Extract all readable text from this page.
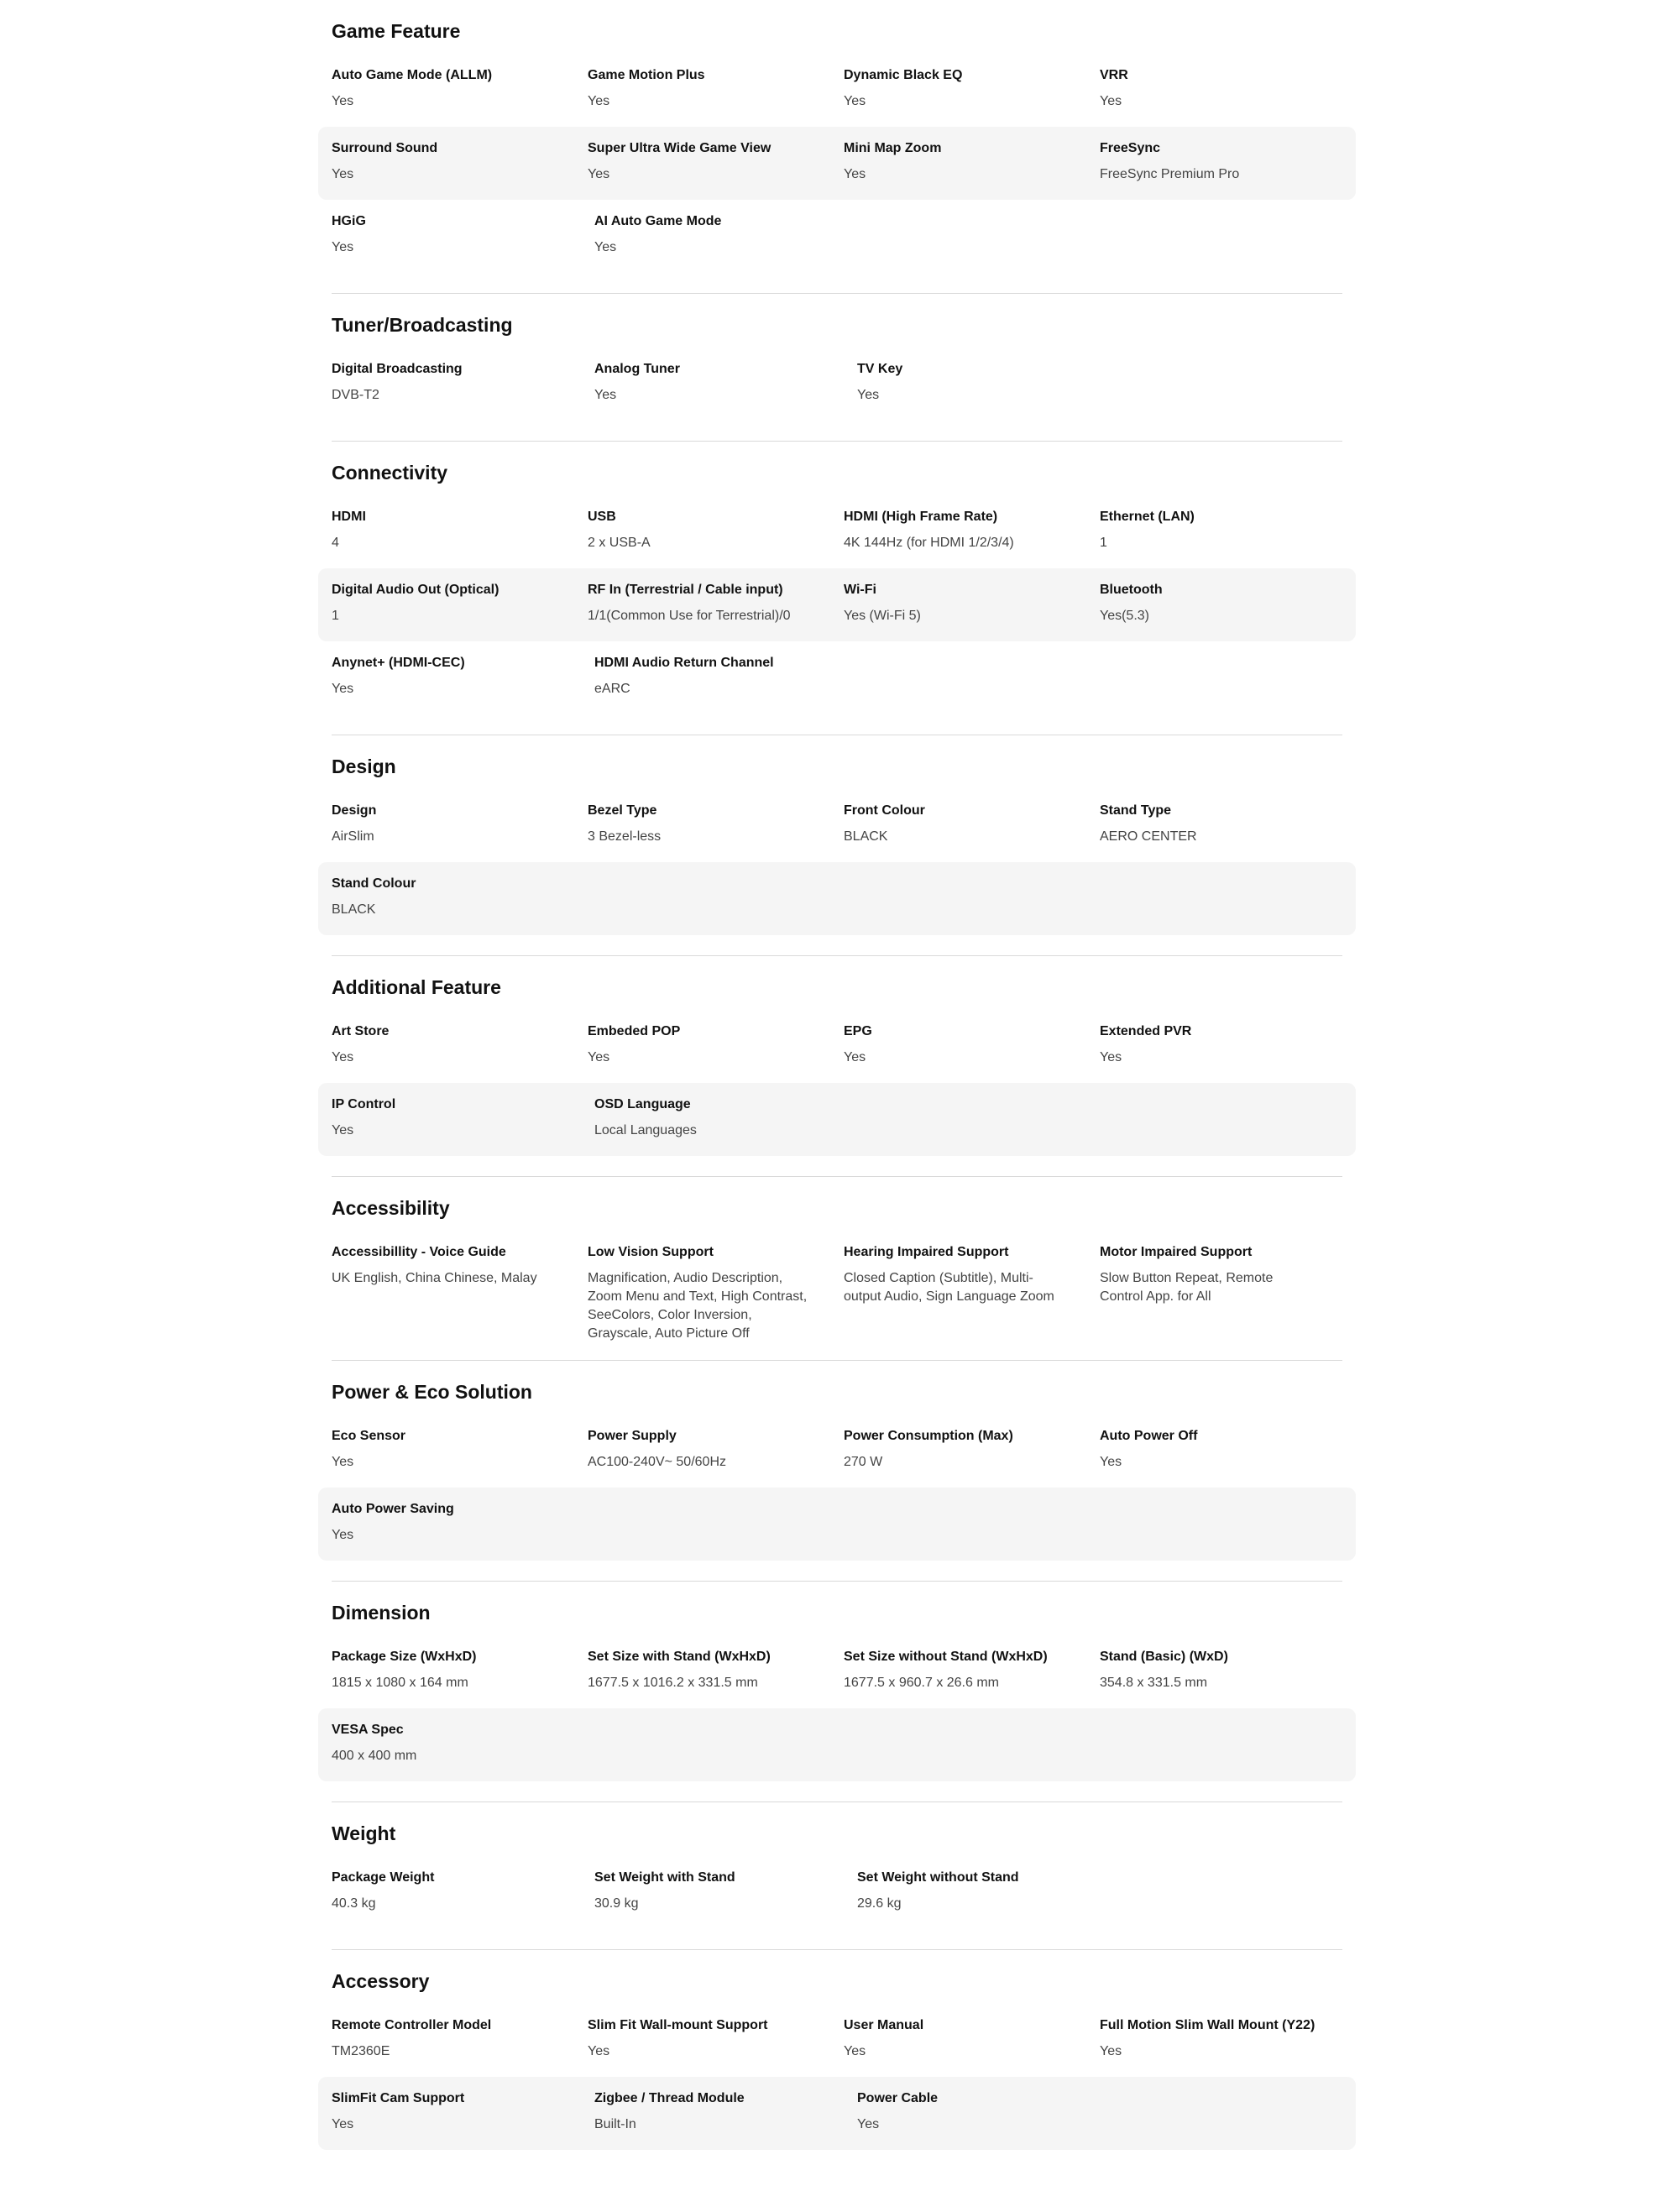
Game Feature
Auto Game Mode (ALLM)
Yes
Game Motion Plus
Yes
Dynamic Black EQ
Yes
VRR
Yes
Surround Sound
Yes
Super Ultra Wide Game View
Yes
Mini Map Zoom
Yes
FreeSync
FreeSync Premium Pro
HGiG
Yes
AI Auto Game Mode
Yes
Tuner/Broadcasting
Digital Broadcasting
DVB-T2
Analog Tuner
Yes
TV Key
Yes
Connectivity
HDMI
4
USB
2 x USB-A
HDMI (High Frame Rate)
4K 144Hz (for HDMI 1/2/3/4)
Ethernet (LAN)
1
Digital Audio Out (Optical)
1
RF In (Terrestrial / Cable input)
1/1(Common Use for Terrestrial)/0
Wi-Fi
Yes (Wi-Fi 5)
Bluetooth
Yes(5.3)
Anynet+ (HDMI-CEC)
Yes
HDMI Audio Return Channel
eARC
Design
Design
AirSlim
Bezel Type
3 Bezel-less
Front Colour
BLACK
Stand Type
AERO CENTER
Stand Colour
BLACK
Additional Feature
Art Store
Yes
Embeded POP
Yes
EPG
Yes
Extended PVR
Yes
IP Control
Yes
OSD Language
Local Languages
Accessibility
Accessibillity - Voice Guide
UK English, China Chinese, Malay
Low Vision Support
Magnification, Audio Description,
Zoom Menu and Text, High Contrast,
SeeColors, Color Inversion,
Grayscale, Auto Picture Off
Hearing Impaired Support
Closed Caption (Subtitle), Multi-
output Audio, Sign Language Zoom
Motor Impaired Support
Slow Button Repeat, Remote
Control App. for All
Power & Eco Solution
Eco Sensor
Yes
Power Supply
AC100-240V~ 50/60Hz
Power Consumption (Max)
270 W
Auto Power Off
Yes
Auto Power Saving
Yes
Dimension
Package Size (WxHxD)
1815 x 1080 x 164 mm
Set Size with Stand (WxHxD)
1677.5 x 1016.2 x 331.5 mm
Set Size without Stand (WxHxD)
1677.5 x 960.7 x 26.6 mm
Stand (Basic) (WxD)
354.8 x 331.5 mm
VESA Spec
400 x 400 mm
Weight
Package Weight
40.3 kg
Set Weight with Stand
30.9 kg
Set Weight without Stand
29.6 kg
Accessory
Remote Controller Model
TM2360E
Slim Fit Wall-mount Support
Yes
User Manual
Yes
Full Motion Slim Wall Mount (Y22)
Yes
SlimFit Cam Support
Yes
Zigbee / Thread Module
Built-In
Power Cable
Yes
